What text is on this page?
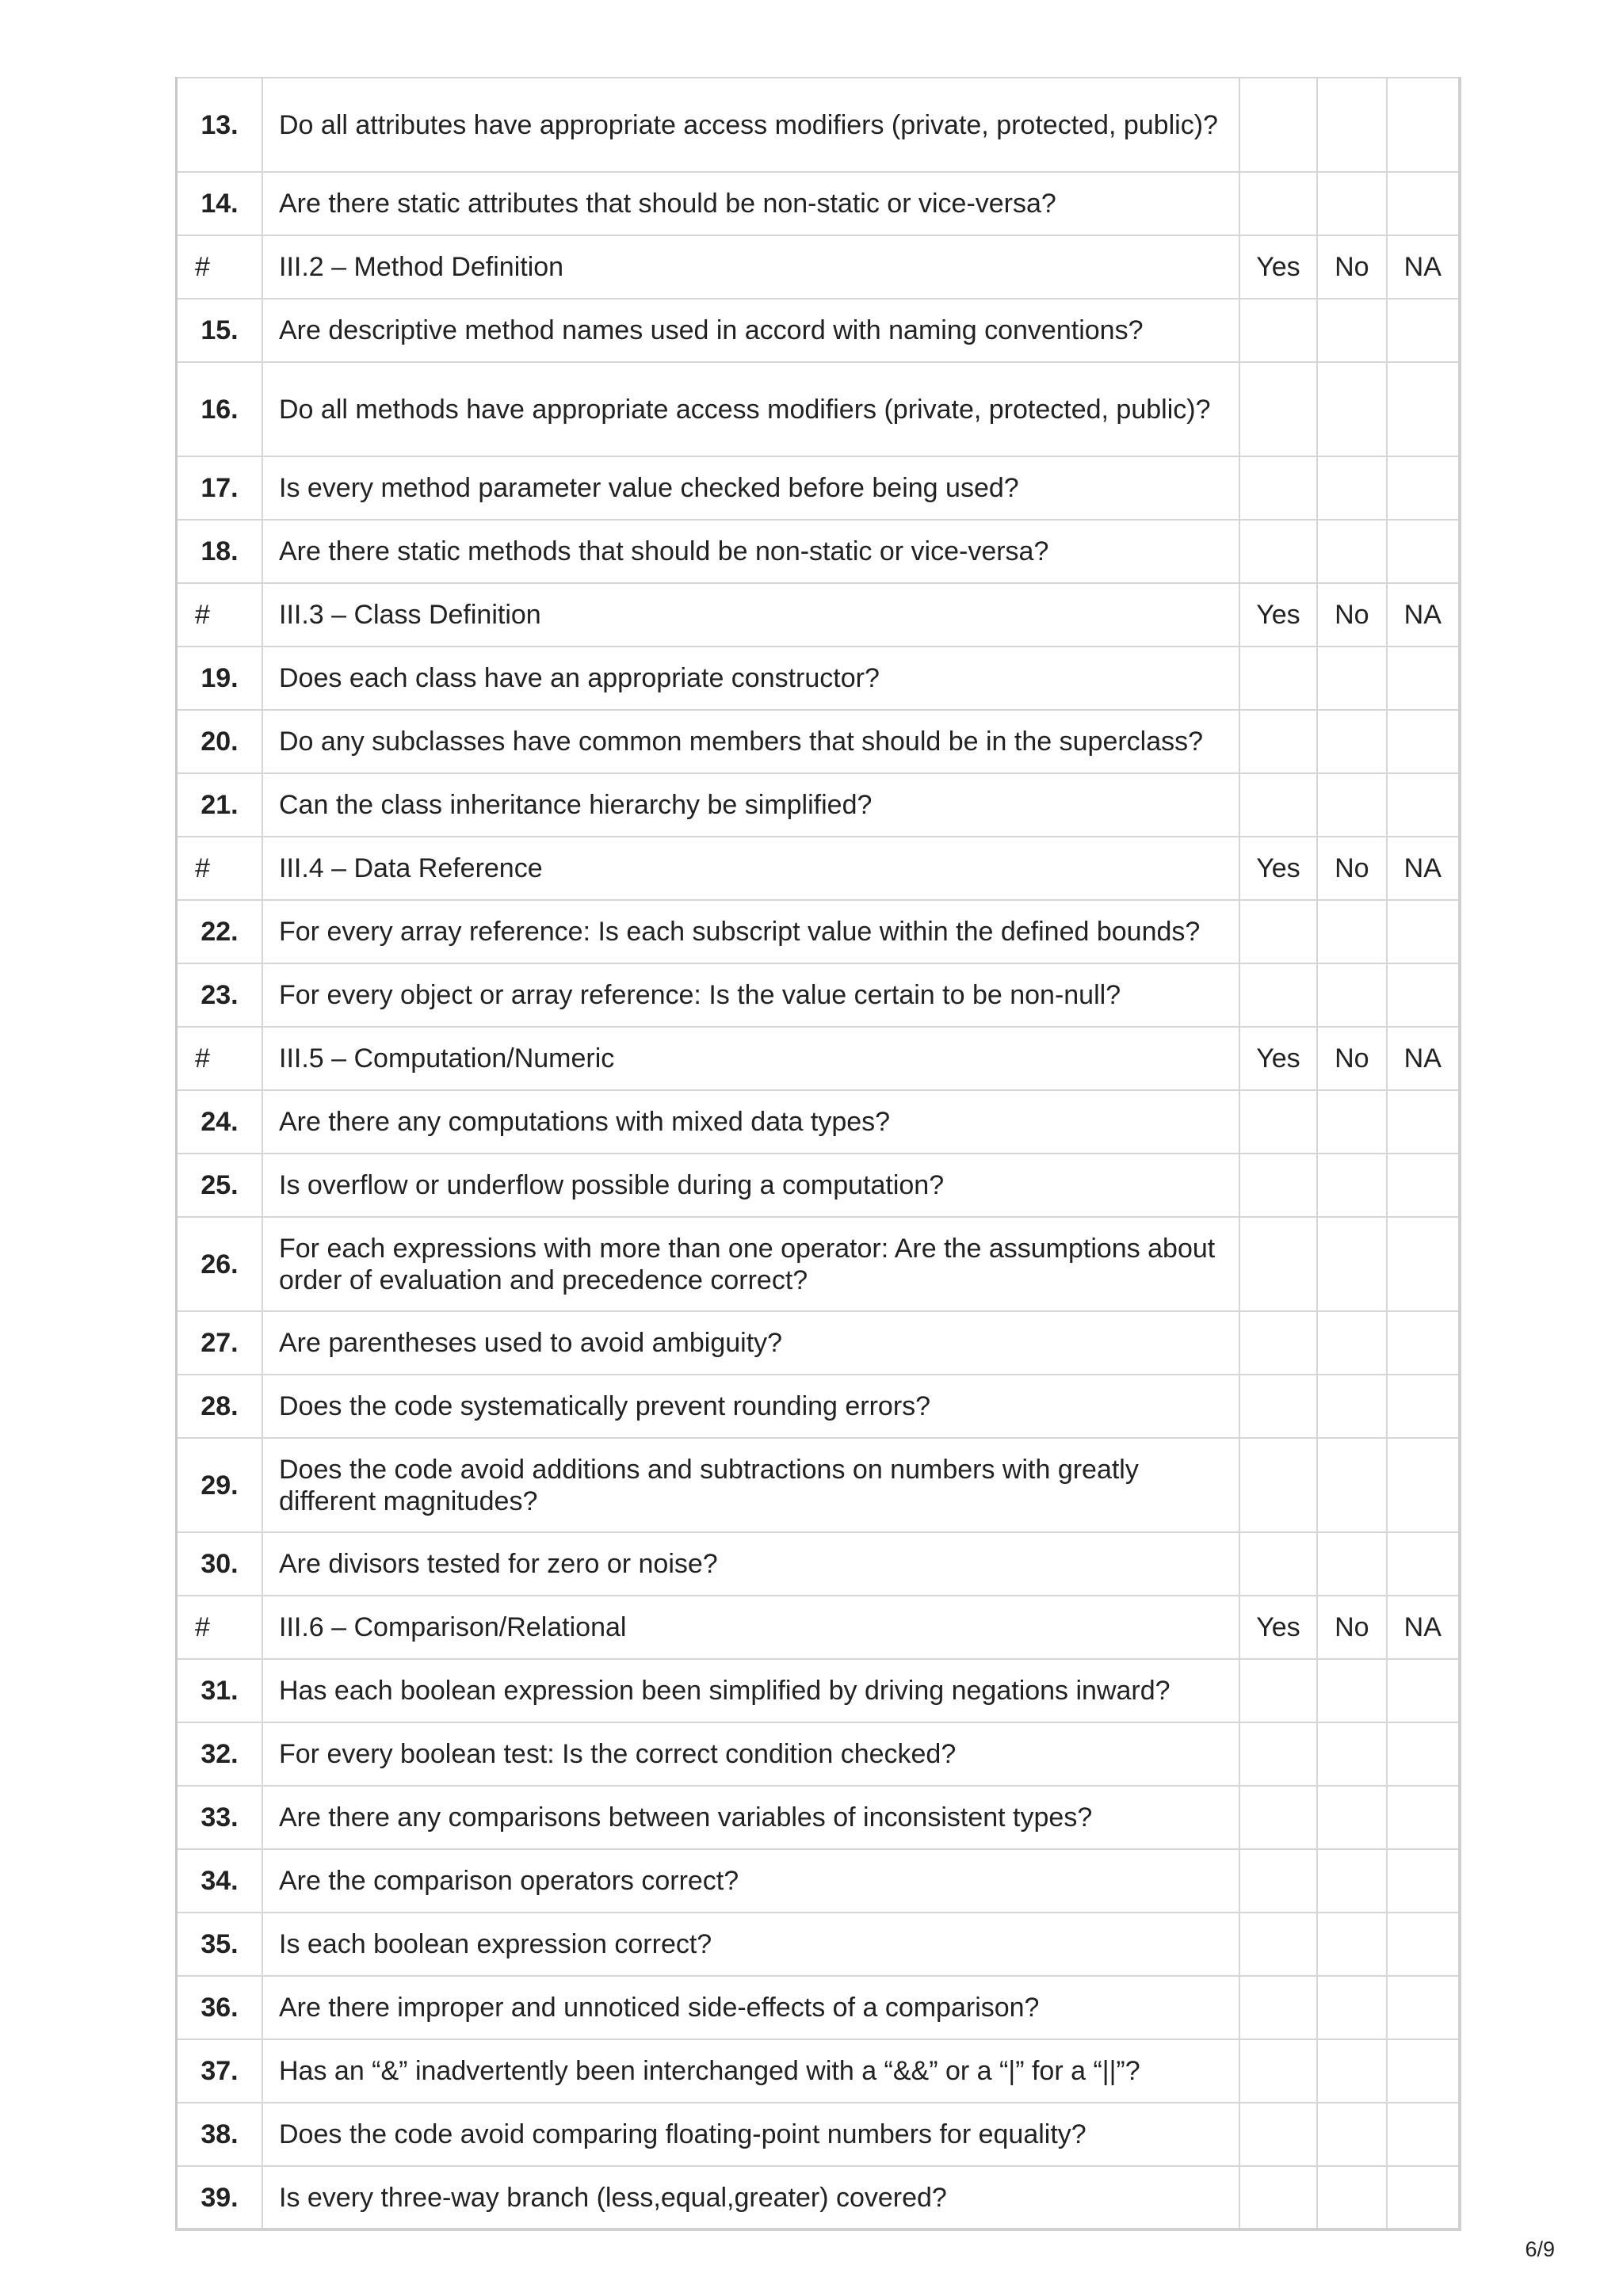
13.	Do all attributes have appropriate access modifiers (private, protected, public)?			
14.	Are there static attributes that should be non-static or vice-versa?			
#	III.2 – Method Definition	Yes	No	NA
15.	Are descriptive method names used in accord with naming conventions?			
16.	Do all methods have appropriate access modifiers (private, protected, public)?			
17.	Is every method parameter value checked before being used?			
18.	Are there static methods that should be non-static or vice-versa?			
#	III.3 – Class Definition	Yes	No	NA
19.	Does each class have an appropriate constructor?			
20.	Do any subclasses have common members that should be in the superclass?			
21.	Can the class inheritance hierarchy be simplified?			
#	III.4 – Data Reference	Yes	No	NA
22.	For every array reference: Is each subscript value within the defined bounds?			
23.	For every object or array reference: Is the value certain to be non-null?			
#	III.5 – Computation/Numeric	Yes	No	NA
24.	Are there any computations with mixed data types?			
25.	Is overflow or underflow possible during a computation?			
26.	For each expressions with more than one operator: Are the assumptions about order of evaluation and precedence correct?			
27.	Are parentheses used to avoid ambiguity?			
28.	Does the code systematically prevent rounding errors?			
29.	Does the code avoid additions and subtractions on numbers with greatly different magnitudes?			
30.	Are divisors tested for zero or noise?			
#	III.6 – Comparison/Relational	Yes	No	NA
31.	Has each boolean expression been simplified by driving negations inward?			
32.	For every boolean test: Is the correct condition checked?			
33.	Are there any comparisons between variables of inconsistent types?			
34.	Are the comparison operators correct?			
35.	Is each boolean expression correct?			
36.	Are there improper and unnoticed side-effects of a comparison?			
37.	Has an “&” inadvertently been interchanged with a “&&” or a “|” for a “||”?			
38.	Does the code avoid comparing floating-point numbers for equality?			
39.	Is every three-way branch (less,equal,greater) covered?			
6/9
